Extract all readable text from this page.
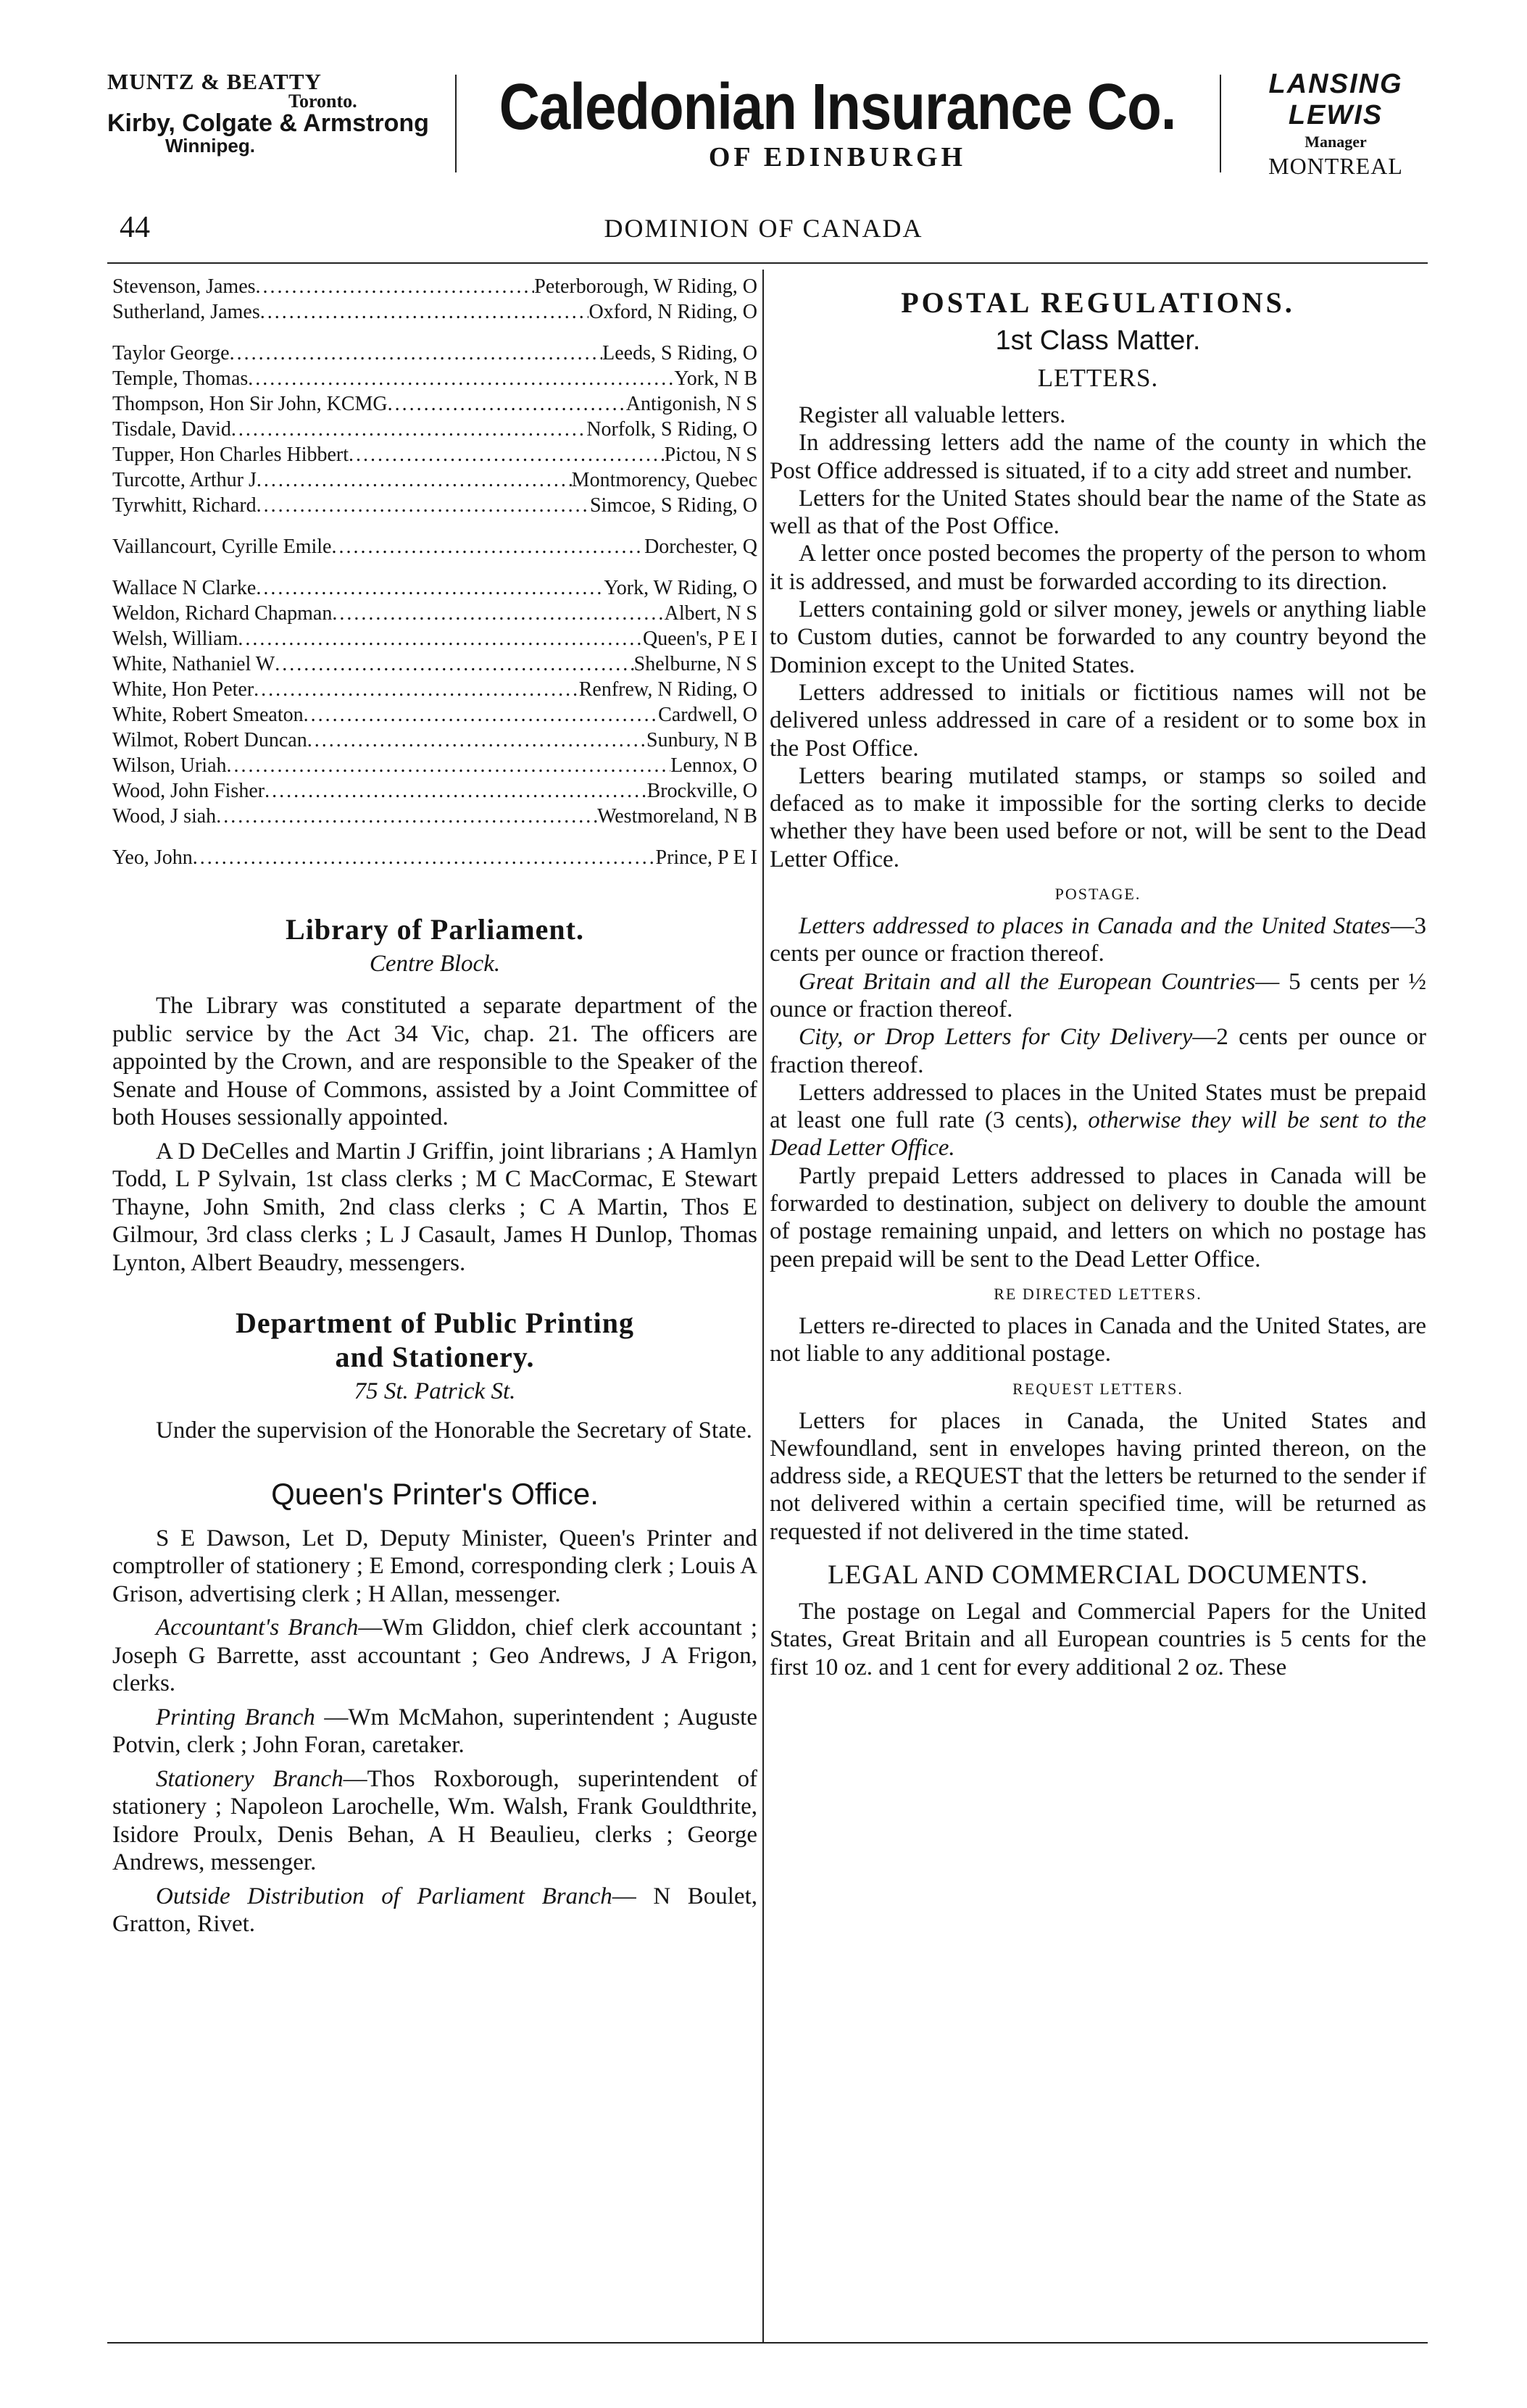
MUNTZ & BEATTY
Toronto.
Kirby, Colgate & Armstrong
Winnipeg.
Caledonian Insurance Co.
OF EDINBURGH
LANSING LEWIS
Manager
MONTREAL
44	DOMINION OF CANADA
Stevenson, James .....	Peterborough, W Riding, O
Sutherland, James .....	Oxford, N Riding, O
Taylor George .....	Leeds, S Riding, O
Temple, Thomas .....	York, N B
Thompson, Hon Sir John, KCMG .....	Antigonish, N S
Tisdale, David .....	Norfolk, S Riding, O
Tupper, Hon Charles Hibbert .....	Pictou, N S
Turcotte, Arthur J .....	Montmorency, Quebec
Tyrwhitt, Richard .....	Simcoe, S Riding, O
Vaillancourt, Cyrille Emile .....	Dorchester, Q
Wallace N Clarke .....	York, W Riding, O
Weldon, Richard Chapman .....	Albert, N S
Welsh, William .....	Queen's, P E I
White, Nathaniel W .....	Shelburne, N S
White, Hon Peter .....	Renfrew, N Riding, O
White, Robert Smeaton .....	Cardwell, O
Wilmot, Robert Duncan .....	Sunbury, N B
Wilson, Uriah .....	Lennox, O
Wood, John Fisher .....	Brockville, O
Wood, J siah .....	Westmoreland, N B
Yeo, John .....	Prince, P E I
Library of Parliament.
Centre Block.
The Library was constituted a separate department of the public service by the Act 34 Vic, chap. 21. The officers are appointed by the Crown, and are responsible to the Speaker of the Senate and House of Commons, assisted by a Joint Committee of both Houses sessionally appointed.
A D DeCelles and Martin J Griffin, joint librarians ; A Hamlyn Todd, L P Sylvain, 1st class clerks ; M C MacCormac, E Stewart Thayne, John Smith, 2nd class clerks ; C A Martin, Thos E Gilmour, 3rd class clerks ; L J Casault, James H Dunlop, Thomas Lynton, Albert Beaudry, messengers.
Department of Public Printing
and Stationery.
75 St. Patrick St.
Under the supervision of the Honorable the Secretary of State.
Queen's Printer's Office.
S E Dawson, Let D, Deputy Minister, Queen's Printer and comptroller of stationery ; E Emond, corresponding clerk ; Louis A Grison, advertising clerk ; H Allan, messenger.
Accountant's Branch—Wm Gliddon, chief clerk accountant ; Joseph G Barrette, asst accountant ; Geo Andrews, J A Frigon, clerks.
Printing Branch —Wm McMahon, superintendent ; Auguste Potvin, clerk ; John Foran, caretaker.
Stationery Branch—Thos Roxborough, superintendent of stationery ; Napoleon Larochelle, Wm. Walsh, Frank Gouldthrite, Isidore Proulx, Denis Behan, A H Beaulieu, clerks ; George Andrews, messenger.
Outside Distribution of Parliament Branch— N Boulet, Gratton, Rivet.
POSTAL REGULATIONS.
1st Class Matter.
LETTERS.
Register all valuable letters.
In addressing letters add the name of the county in which the Post Office addressed is situated, if to a city add street and number.
Letters for the United States should bear the name of the State as well as that of the Post Office.
A letter once posted becomes the property of the person to whom it is addressed, and must be forwarded according to its direction.
Letters containing gold or silver money, jewels or anything liable to Custom duties, cannot be forwarded to any country beyond the Dominion except to the United States.
Letters addressed to initials or fictitious names will not be delivered unless addressed in care of a resident or to some box in the Post Office.
Letters bearing mutilated stamps, or stamps so soiled and defaced as to make it impossible for the sorting clerks to decide whether they have been used before or not, will be sent to the Dead Letter Office.
POSTAGE.
Letters addressed to places in Canada and the United States—3 cents per ounce or fraction thereof.
Great Britain and all the European Countries— 5 cents per ½ ounce or fraction thereof.
City, or Drop Letters for City Delivery—2 cents per ounce or fraction thereof.
Letters addressed to places in the United States must be prepaid at least one full rate (3 cents), otherwise they will be sent to the Dead Letter Office.
Partly prepaid Letters addressed to places in Canada will be forwarded to destination, subject on delivery to double the amount of postage remaining unpaid, and letters on which no postage has peen prepaid will be sent to the Dead Letter Office.
RE DIRECTED LETTERS.
Letters re-directed to places in Canada and the United States, are not liable to any additional postage.
REQUEST LETTERS.
Letters for places in Canada, the United States and Newfoundland, sent in envelopes having printed thereon, on the address side, a REQUEST that the letters be returned to the sender if not delivered within a certain specified time, will be returned as requested if not delivered in the time stated.
LEGAL AND COMMERCIAL DOCUMENTS.
The postage on Legal and Commercial Papers for the United States, Great Britain and all European countries is 5 cents for the first 10 oz. and 1 cent for every additional 2 oz. These
